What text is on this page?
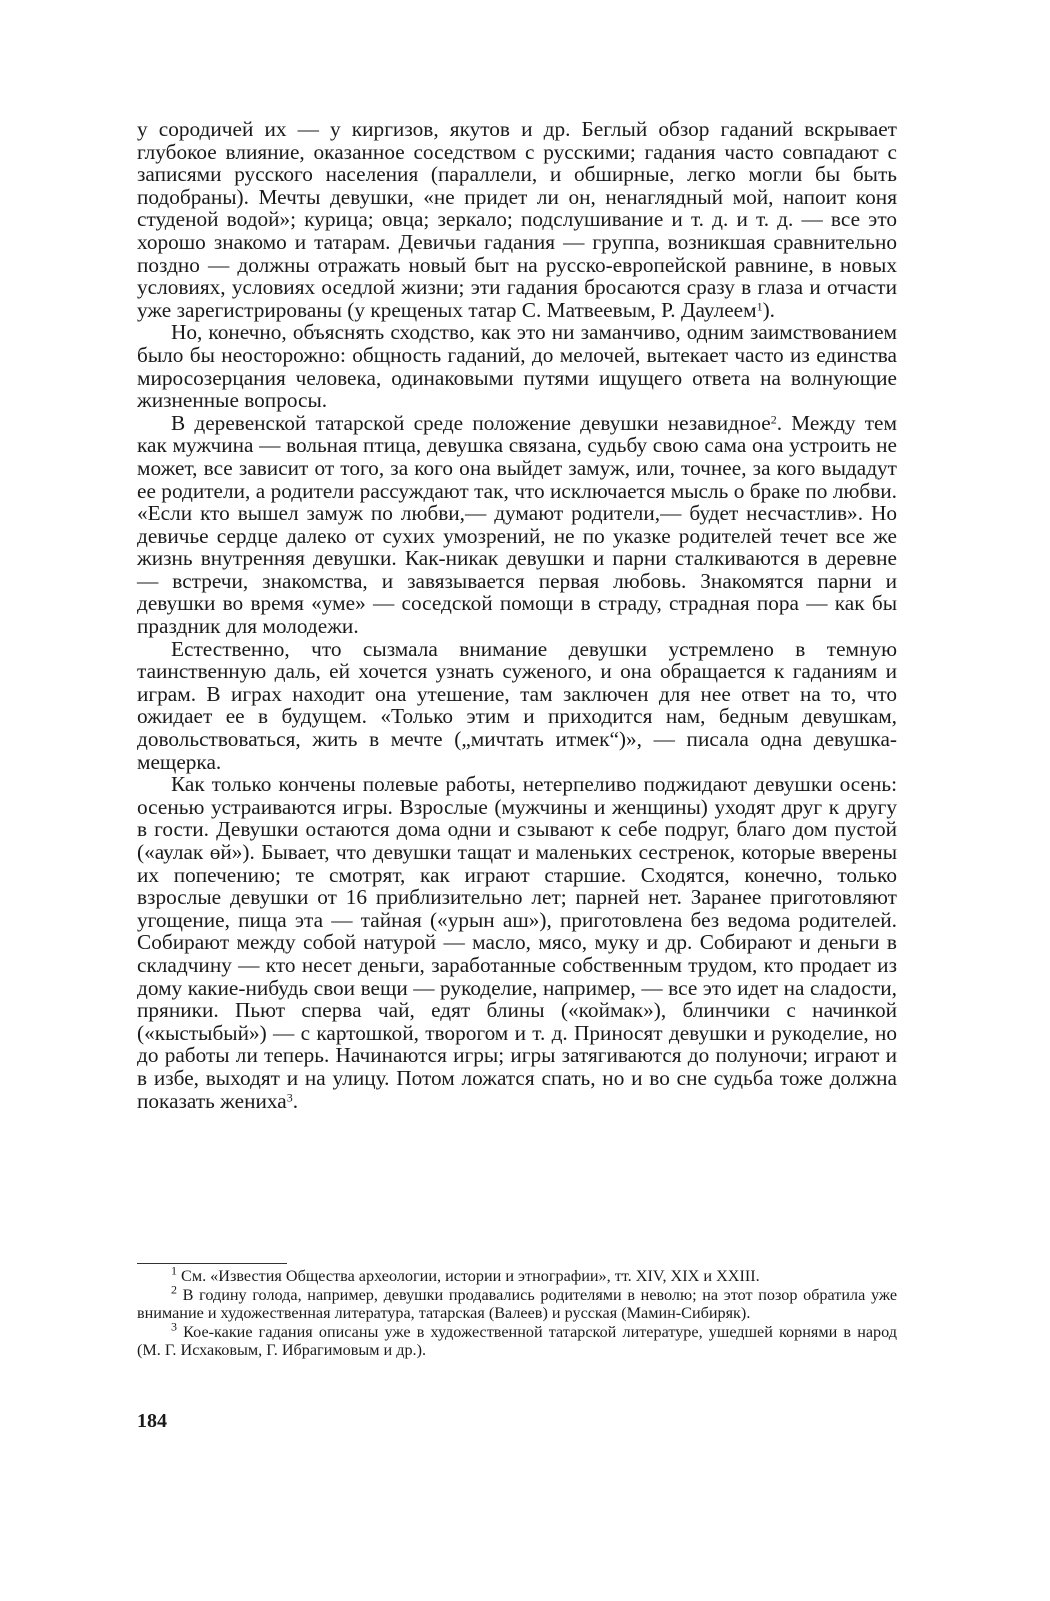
у сородичей их — у киргизов, якутов и др. Беглый обзор гаданий вскрывает глубокое влияние, оказанное соседством с русскими; гадания часто совпадают с записями русского населения (параллели, и обширные, легко могли бы быть подобраны). Мечты девушки, «не придет ли он, ненаглядный мой, напоит коня студеной водой»; курица; овца; зеркало; подслушивание и т. д. и т. д. — все это хорошо знакомо и татарам. Девичьи гадания — группа, возникшая сравнительно поздно — должны отражать новый быт на русско-европейской равнине, в новых условиях, условиях оседлой жизни; эти гадания бросаются сразу в глаза и отчасти уже зарегистрированы (у крещеных татар С. Матвеевым, Р. Даулеем$^1$).

Но, конечно, объяснять сходство, как это ни заманчиво, одним заимствованием было бы неосторожно: общность гаданий, до мелочей, вытекает часто из единства миросозерцания человека, одинаковыми путями ищущего ответа на волнующие жизненные вопросы.

В деревенской татарской среде положение девушки незавидное$^2$. Между тем как мужчина — вольная птица, девушка связана, судьбу свою сама она устроить не может, все зависит от того, за кого она выйдет замуж, или, точнее, за кого выдадут ее родители, а родители рассуждают так, что исключается мысль о браке по любви. «Если кто вышел замуж по любви,— думают родители,— будет несчастлив». Но девичье сердце далеко от сухих умозрений, не по указке родителей течет все же жизнь внутренняя девушки. Как-никак девушки и парни сталкиваются в деревне — встречи, знакомства, и завязывается первая любовь. Знакомятся парни и девушки во время «уме» — соседской помощи в страду, страдная пора — как бы праздник для молодежи.

Естественно, что сызмала внимание девушки устремлено в темную таинственную даль, ей хочется узнать суженого, и она обращается к гаданиям и играм. В играх находит она утешение, там заключен для нее ответ на то, что ожидает ее в будущем. «Только этим и приходится нам, бедным девушкам, довольствоваться, жить в мечте („мичтать итмек“)», — писала одна девушка-мещерка.

Как только кончены полевые работы, нетерпеливо поджидают девушки осень: осенью устраиваются игры. Взрослые (мужчины и женщины) уходят друг к другу в гости. Девушки остаются дома одни и сзывают к себе подруг, благо дом пустой («аулак өй»). Бывает, что девушки тащат и маленьких сестренок, которые вверены их попечению; те смотрят, как играют старшие. Сходятся, конечно, только взрослые девушки от 16 приблизительно лет; парней нет. Заранее приготовляют угощение, пища эта — тайная («урын аш»), приготовлена без ведома родителей. Собирают между собой натурой — масло, мясо, муку и др. Собирают и деньги в складчину — кто несет деньги, заработанные собственным трудом, кто продает из дому какие-нибудь свои вещи — рукоделие, например, — все это идет на сладости, пряники. Пьют сперва чай, едят блины («коймак»), блинчики с начинкой («кыстыбый») — с картошкой, творогом и т. д. Приносят девушки и рукоделие, но до работы ли теперь. Начинаются игры; игры затягиваются до полуночи; играют и в избе, выходят и на улицу. Потом ложатся спать, но и во сне судьба тоже должна показать жениха$^3$.

$^1$ См. «Известия Общества археологии, истории и этнографии», тт. XIV, XIX и XXIII.

$^2$ В годину голода, например, девушки продавались родителями в неволю; на этот позор обратила уже внимание и художественная литература, татарская (Валеев) и русская (Мамин-Сибиряк).

$^3$ Кое-какие гадания описаны уже в художественной татарской литературе, ушедшей корнями в народ (М. Г. Исхаковым, Г. Ибрагимовым и др.).

184
